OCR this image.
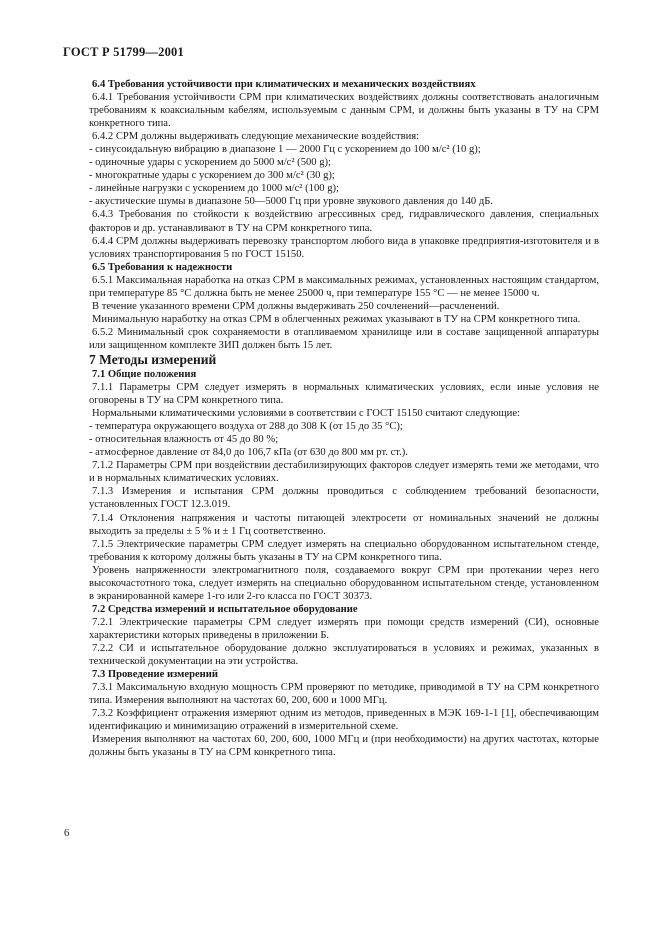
ГОСТ Р 51799—2001

6.4 Требования устойчивости при климатических и механических воздействиях

6.4.1 Требования устойчивости СРМ при климатических воздействиях должны соответствовать аналогичным требованиям к коаксиальным кабелям, используемым с данным СРМ, и должны быть указаны в ТУ на СРМ конкретного типа.

6.4.2 СРМ должны выдерживать следующие механические воздействия:

- синусоидальную вибрацию в диапазоне 1 — 2000 Гц с ускорением до 100 м/с² (10 g);

- одиночные удары с ускорением до 5000 м/с² (500 g);

- многократные удары с ускорением до 300 м/с² (30 g);

- линейные нагрузки с ускорением до 1000 м/с² (100 g);

- акустические шумы в диапазоне 50—5000 Гц при уровне звукового давления до 140 дБ.

6.4.3 Требования по стойкости к воздействию агрессивных сред, гидравлического давления, специальных факторов и др. устанавливают в ТУ на СРМ конкретного типа.

6.4.4 СРМ должны выдерживать перевозку транспортом любого вида в упаковке предприятия-изготовителя и в условиях транспортирования 5 по ГОСТ 15150.

6.5 Требования к надежности

6.5.1 Максимальная наработка на отказ СРМ в максимальных режимах, установленных настоящим стандартом, при температуре 85 °С должна быть не менее 25000 ч, при температуре 155 °С — не менее 15000 ч.

В течение указанного времени СРМ должны выдерживать 250 сочленений—расчленений.

Минимальную наработку на отказ СРМ в облегченных режимах указывают в ТУ на СРМ конкретного типа.

6.5.2 Минимальный срок сохраняемости в отапливаемом хранилище или в составе защищенной аппаратуры или защищенном комплекте ЗИП должен быть 15 лет.

7 Методы измерений

7.1 Общие положения

7.1.1 Параметры СРМ следует измерять в нормальных климатических условиях, если иные условия не оговорены в ТУ на СРМ конкретного типа.

Нормальными климатическими условиями в соответствии с ГОСТ 15150 считают следующие:

- температура окружающего воздуха от 288 до 308 К (от 15 до 35 °С);

- относительная влажность от 45 до 80 %;

- атмосферное давление от 84,0 до 106,7 кПа (от 630 до 800 мм рт. ст.).

7.1.2 Параметры СРМ при воздействии дестабилизирующих факторов следует измерять теми же методами, что и в нормальных климатических условиях.

7.1.3 Измерения и испытания СРМ должны проводиться с соблюдением требований безопасности, установленных ГОСТ 12.3.019.

7.1.4 Отклонения напряжения и частоты питающей электросети от номинальных значений не должны выходить за пределы ± 5 % и ± 1 Гц соответственно.

7.1.5 Электрические параметры СРМ следует измерять на специально оборудованном испытательном стенде, требования к которому должны быть указаны в ТУ на СРМ конкретного типа.

Уровень напряженности электромагнитного поля, создаваемого вокруг СРМ при протекании через него высокочастотного тока, следует измерять на специально оборудованном испытательном стенде, установленном в экранированной камере 1-го или 2-го класса по ГОСТ 30373.

7.2 Средства измерений и испытательное оборудование

7.2.1 Электрические параметры СРМ следует измерять при помощи средств измерений (СИ), основные характеристики которых приведены в приложении Б.

7.2.2 СИ и испытательное оборудование должно эксплуатироваться в условиях и режимах, указанных в технической документации на эти устройства.

7.3 Проведение измерений

7.3.1 Максимальную входную мощность СРМ проверяют по методике, приводимой в ТУ на СРМ конкретного типа. Измерения выполняют на частотах 60, 200, 600 и 1000 МГц.

7.3.2 Коэффициент отражения измеряют одним из методов, приведенных в МЭК 169-1-1 [1], обеспечивающим идентификацию и минимизацию отражений в измерительной схеме.

Измерения выполняют на частотах 60, 200, 600, 1000 МГц и (при необходимости) на других частотах, которые должны быть указаны в ТУ на СРМ конкретного типа.

6
